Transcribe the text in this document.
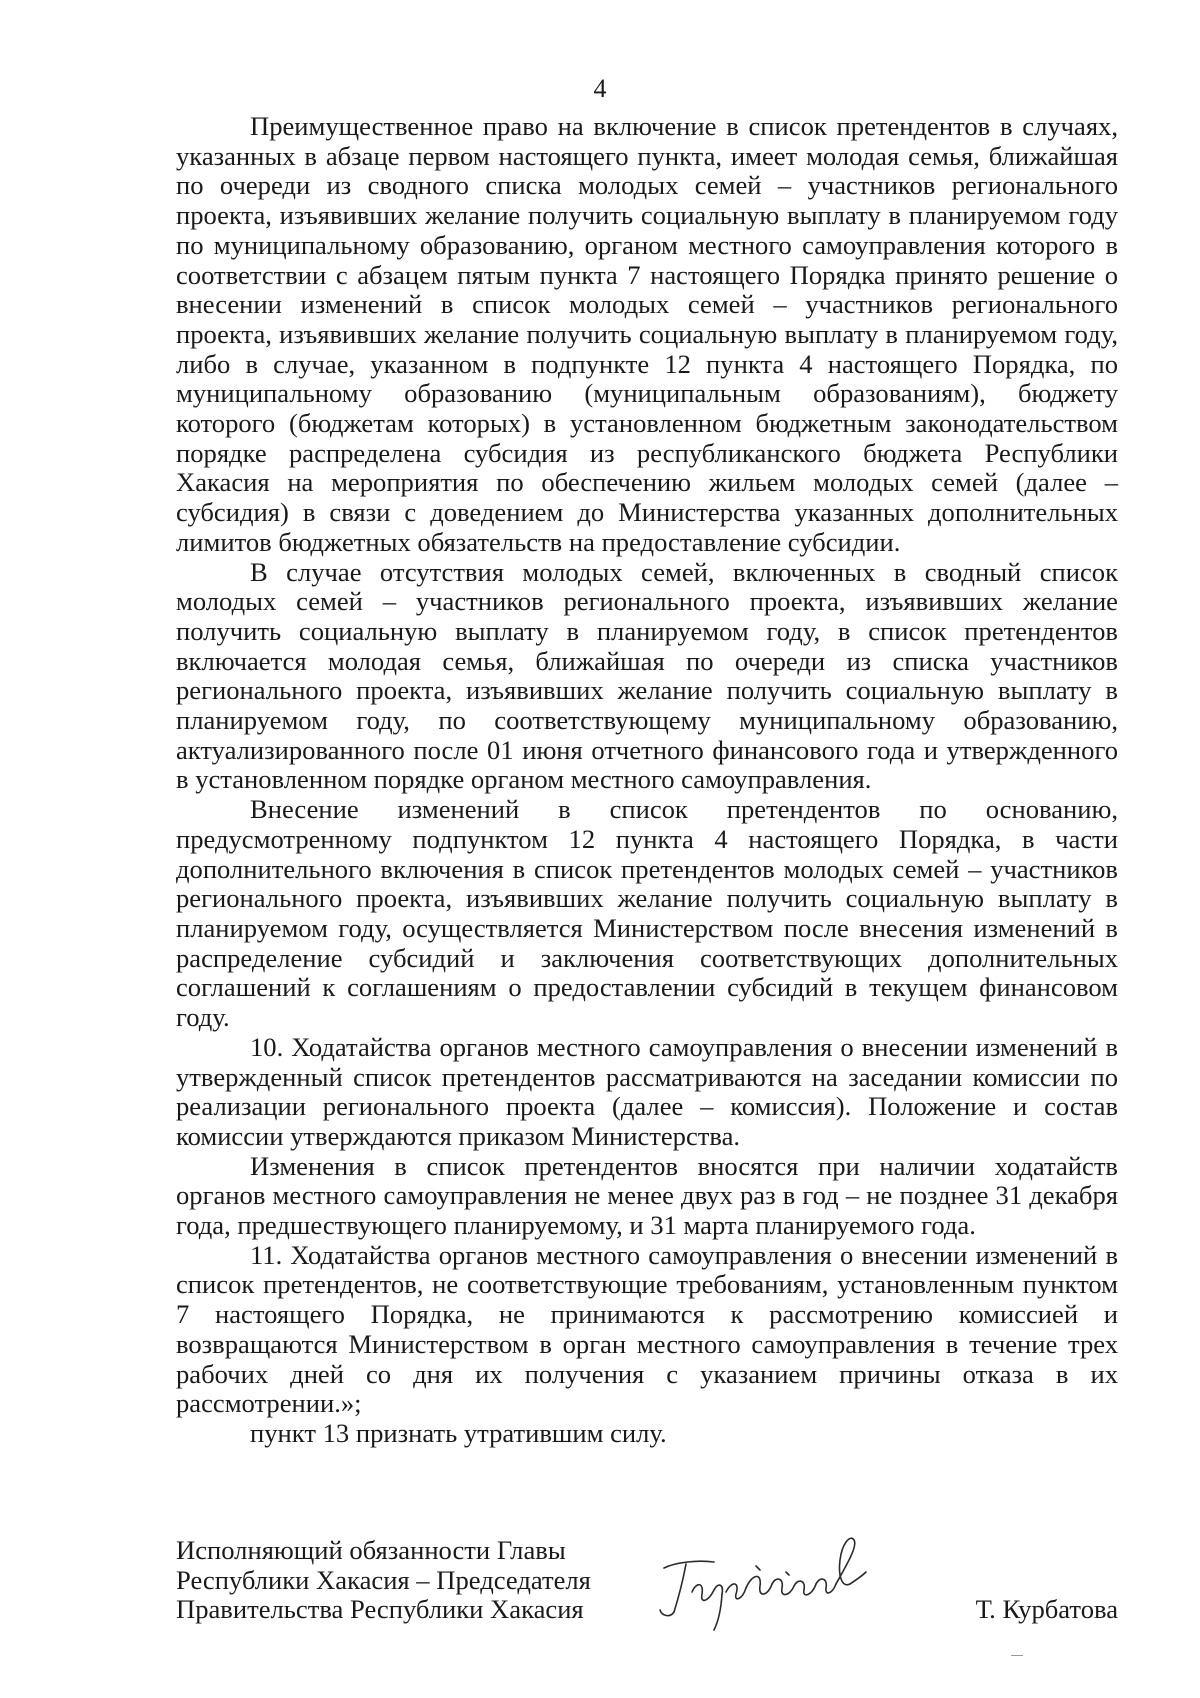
4

Преимущественное право на включение в список претендентов в случаях, указанных в абзаце первом настоящего пункта, имеет молодая семья, ближайшая по очереди из сводного списка молодых семей – участников регионального проекта, изъявивших желание получить социальную выплату в планируемом году по муниципальному образованию, органом местного самоуправления которого в соответствии с абзацем пятым пункта 7 настоящего Порядка принято решение о внесении изменений в список молодых семей – участников регионального проекта, изъявивших желание получить социальную выплату в планируемом году, либо в случае, указанном в подпункте 12 пункта 4 настоящего Порядка, по муниципальному образованию (муниципальным образованиям), бюджету которого (бюджетам которых) в установленном бюджетным законодательством порядке распределена субсидия из республиканского бюджета Республики Хакасия на мероприятия по обеспечению жильем молодых семей (далее – субсидия) в связи с доведением до Министерства указанных дополнительных лимитов бюджетных обязательств на предоставление субсидии.

В случае отсутствия молодых семей, включенных в сводный список молодых семей – участников регионального проекта, изъявивших желание получить социальную выплату в планируемом году, в список претендентов включается молодая семья, ближайшая по очереди из списка участников регионального проекта, изъявивших желание получить социальную выплату в планируемом году, по соответствующему муниципальному образованию, актуализированного после 01 июня отчетного финансового года и утвержденного в установленном порядке органом местного самоуправления.

Внесение изменений в список претендентов по основанию, предусмотренному подпунктом 12 пункта 4 настоящего Порядка, в части дополнительного включения в список претендентов молодых семей – участников регионального проекта, изъявивших желание получить социальную выплату в планируемом году, осуществляется Министерством после внесения изменений в распределение субсидий и заключения соответствующих дополнительных соглашений к соглашениям о предоставлении субсидий в текущем финансовом году.

10. Ходатайства органов местного самоуправления о внесении изменений в утвержденный список претендентов рассматриваются на заседании комиссии по реализации регионального проекта (далее – комиссия). Положение и состав комиссии утверждаются приказом Министерства.

Изменения в список претендентов вносятся при наличии ходатайств органов местного самоуправления не менее двух раз в год – не позднее 31 декабря года, предшествующего планируемому, и 31 марта планируемого года.

11. Ходатайства органов местного самоуправления о внесении изменений в список претендентов, не соответствующие требованиям, установленным пунктом 7 настоящего Порядка, не принимаются к рассмотрению комиссией и возвращаются Министерством в орган местного самоуправления в течение трех рабочих дней со дня их получения с указанием причины отказа в их рассмотрении.»;

пункт 13 признать утратившим силу.

Исполняющий обязанности Главы
Республики Хакасия – Председателя
Правительства Республики Хакасия	Т. Курбатова
